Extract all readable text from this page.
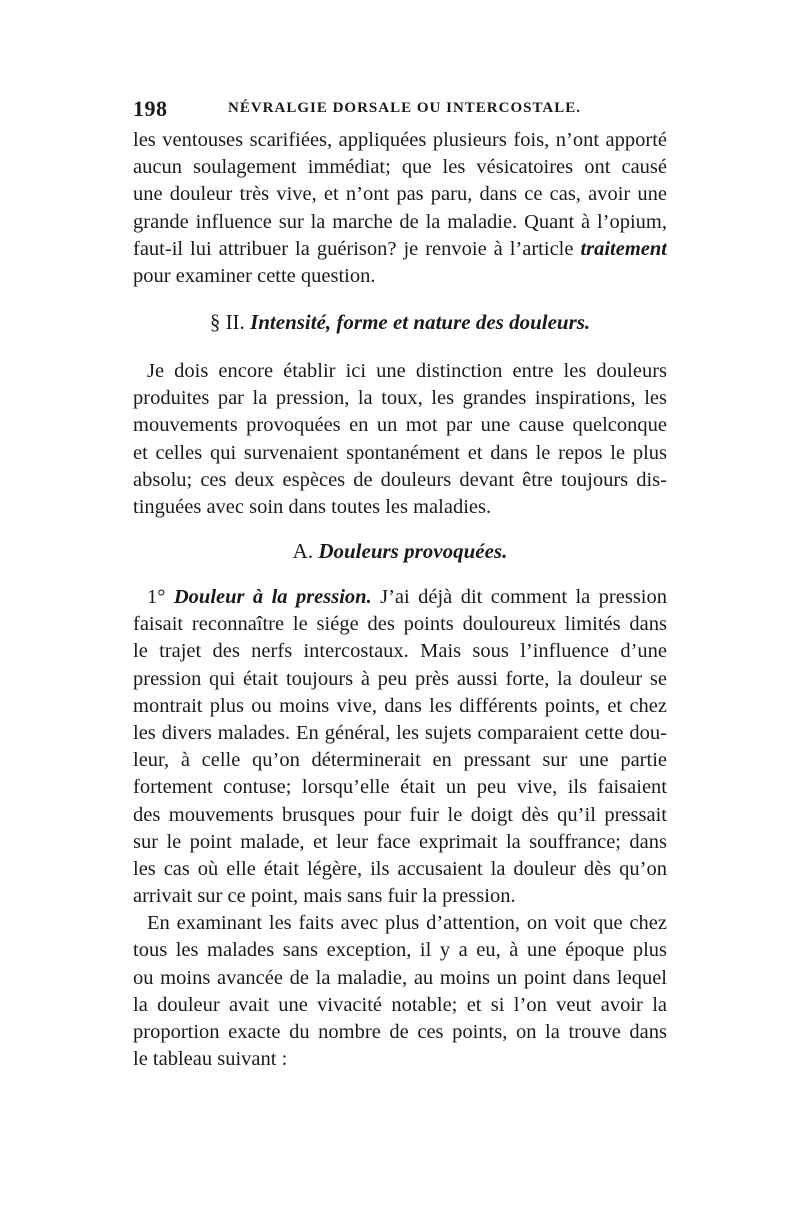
198	NÉVRALGIE DORSALE OU INTERCOSTALE.
les ventouses scarifiées, appliquées plusieurs fois, n’ont apporté
aucun soulagement immédiat; que les vésicatoires ont causé
une douleur très vive, et n’ont pas paru, dans ce cas, avoir une
grande influence sur la marche de la maladie. Quant à l’opium,
faut-il lui attribuer la guérison? je renvoie à l’article traitement
pour examiner cette question.
§ II. Intensité, forme et nature des douleurs.
Je dois encore établir ici une distinction entre les douleurs
produites par la pression, la toux, les grandes inspirations, les
mouvements provoquées en un mot par une cause quelconque
et celles qui survenaient spontanément et dans le repos le plus
absolu; ces deux espèces de douleurs devant être toujours dis-
tinguées avec soin dans toutes les maladies.
A. Douleurs provoquées.
1° Douleur à la pression. J’ai déjà dit comment la pression
faisait reconnaître le siége des points douloureux limités dans
le trajet des nerfs intercostaux. Mais sous l’influence d’une
pression qui était toujours à peu près aussi forte, la douleur se
montrait plus ou moins vive, dans les différents points, et chez
les divers malades. En général, les sujets comparaient cette dou-
leur, à celle qu’on déterminerait en pressant sur une partie
fortement contuse; lorsqu’elle était un peu vive, ils faisaient
des mouvements brusques pour fuir le doigt dès qu’il pressait
sur le point malade, et leur face exprimait la souffrance; dans
les cas où elle était légère, ils accusaient la douleur dès qu’on
arrivait sur ce point, mais sans fuir la pression.
En examinant les faits avec plus d’attention, on voit que chez
tous les malades sans exception, il y a eu, à une époque plus
ou moins avancée de la maladie, au moins un point dans lequel
la douleur avait une vivacité notable; et si l’on veut avoir la
proportion exacte du nombre de ces points, on la trouve dans
le tableau suivant :
